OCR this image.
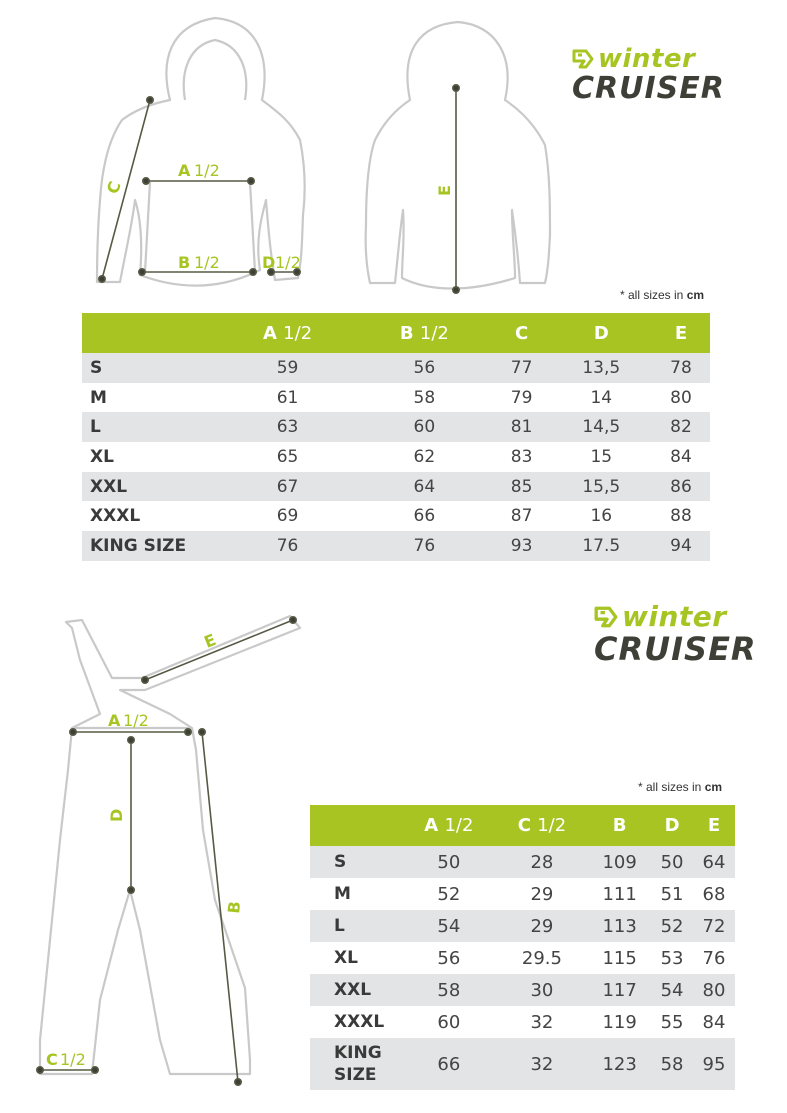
A 1/2
B 1/2	D 1/2
C	E
winter
CRUISER
* all sizes in cm
	A 1/2	B 1/2	C	D	E
S	59	56	77	13,5	78
M	61	58	79	14	80
L	63	60	81	14,5	82
XL	65	62	83	15	84
XXL	67	64	85	15,5	86
XXXL	69	66	87	16	88
KING SIZE	76	76	93	17.5	94
A 1/2
C 1/2
D
B
E
winter
CRUISER
* all sizes in cm
	A 1/2	C 1/2	B	D	E
S	50	28	109	50	64
M	52	29	111	51	68
L	54	29	113	52	72
XL	56	29.5	115	53	76
XXL	58	30	117	54	80
XXXL	60	32	119	55	84
KING SIZE	66	32	123	58	95
